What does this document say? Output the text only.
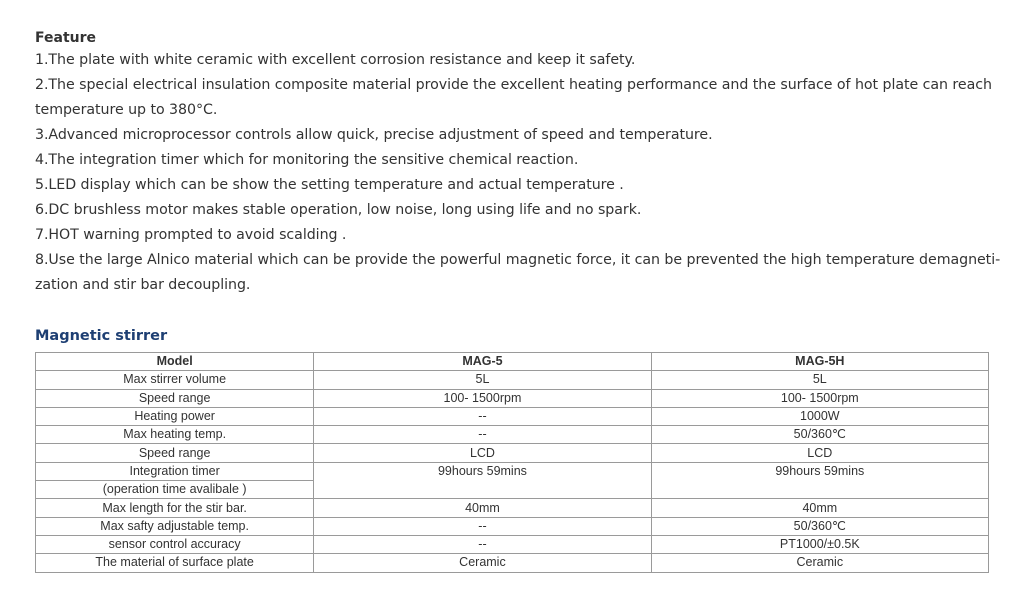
Feature

1.The plate with white ceramic with excellent corrosion resistance and keep it safety.

2.The special electrical insulation composite material provide the excellent heating performance and the surface of hot plate can reach

temperature up to 380°C.

3.Advanced microprocessor controls allow quick, precise adjustment of speed and temperature.

4.The integration timer which for monitoring the sensitive chemical reaction.

5.LED display which can be show the setting temperature and actual temperature .

6.DC brushless motor makes stable operation, low noise, long using life and no spark.

7.HOT warning prompted to avoid scalding .

8.Use the large Alnico material which can be provide the powerful magnetic force, it can be prevented the high temperature demagneti-

zation and stir bar decoupling.

Magnetic stirrer

Model	MAG-5	MAG-5H
Max stirrer volume	5L	5L
Speed range	100- 1500rpm	100- 1500rpm
Heating power	--	1000W
Max heating temp.	--	50/360℃
Speed range	LCD	LCD
Integration timer	99hours 59mins	99hours 59mins
(operation time avalibale )		
Max length for the stir bar.	40mm	40mm
Max safty adjustable temp.	--	50/360℃
sensor control accuracy	--	PT1000/±0.5K
The material of surface plate	Ceramic	Ceramic
